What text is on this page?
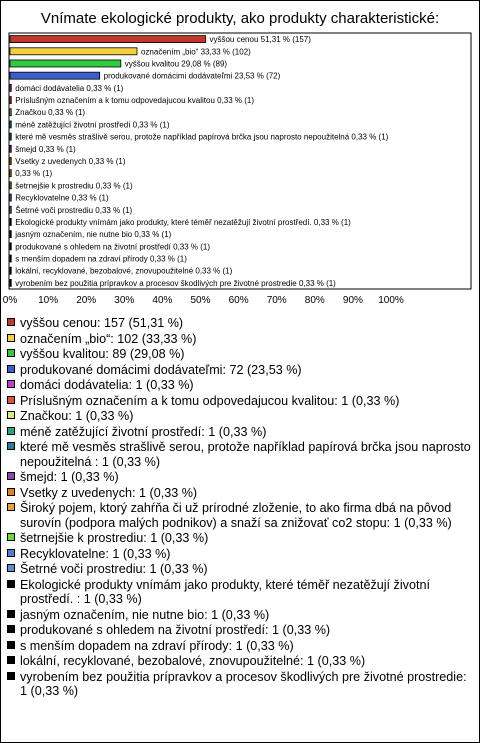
Vnímate ekologické produkty, ako produkty charakteristické:
vyššou cenou 51,31 % (157)
označením „bio“ 33,33 % (102)
vyššou kvalitou 29,08 % (89)
produkované domácimi dodávateľmi 23,53 % (72)
domáci dodávatelia 0,33 % (1)
Príslušným označením a k tomu odpovedajucou kvalitou 0,33 % (1)
Značkou 0,33 % (1)
méně zatěžující životní prostředí 0,33 % (1)
které mě vesměs strašlivě serou, protože například papírová brčka jsou naprosto nepoužitelná 0,33 % (1)
šmejd 0,33 % (1)
Vsetky z uvedenych 0,33 % (1)
0,33 % (1)
šetrnejšie k prostrediu 0,33 % (1)
Recyklovatelne 0,33 % (1)
Šetrné voči prostrediu 0,33 % (1)
Ekologické produkty vnímám jako produkty, které téměř nezatěžují životní prostředí. 0,33 % (1)
jasným označením, nie nutne bio 0,33 % (1)
produkované s ohledem na životní prostředí 0,33 % (1)
s menším dopadem na zdraví přírody 0,33 % (1)
lokální, recyklované, bezobalové, znovupoužitelné 0,33 % (1)
vyrobením bez použitia prípravkov a procesov škodlivých pre životné prostredie 0,33 % (1)
0% 10% 20% 30% 40% 50% 60% 70% 80% 90% 100%
vyššou cenou: 157 (51,31 %)
označením „bio“: 102 (33,33 %)
vyššou kvalitou: 89 (29,08 %)
produkované domácimi dodávateľmi: 72 (23,53 %)
domáci dodávatelia: 1 (0,33 %)
Príslušným označením a k tomu odpovedajucou kvalitou: 1 (0,33 %)
Značkou: 1 (0,33 %)
méně zatěžující životní prostředí: 1 (0,33 %)
které mě vesměs strašlivě serou, protože například papírová brčka jsou naprosto nepoužitelná : 1 (0,33 %)
šmejd: 1 (0,33 %)
Vsetky z uvedenych: 1 (0,33 %)
Široký pojem, ktorý zahŕňa či už prírodné zloženie, to ako firma dbá na pôvod surovín (podpora malých podnikov) a snaží sa znižovať co2 stopu: 1 (0,33 %)
šetrnejšie k prostrediu: 1 (0,33 %)
Recyklovatelne: 1 (0,33 %)
Šetrné voči prostrediu: 1 (0,33 %)
Ekologické produkty vnímám jako produkty, které téměř nezatěžují životní prostředí. : 1 (0,33 %)
jasným označením, nie nutne bio: 1 (0,33 %)
produkované s ohledem na životní prostředí: 1 (0,33 %)
s menším dopadem na zdraví přírody: 1 (0,33 %)
lokální, recyklované, bezobalové, znovupoužitelné: 1 (0,33 %)
vyrobením bez použitia prípravkov a procesov škodlivých pre životné prostredie: 1 (0,33 %)
